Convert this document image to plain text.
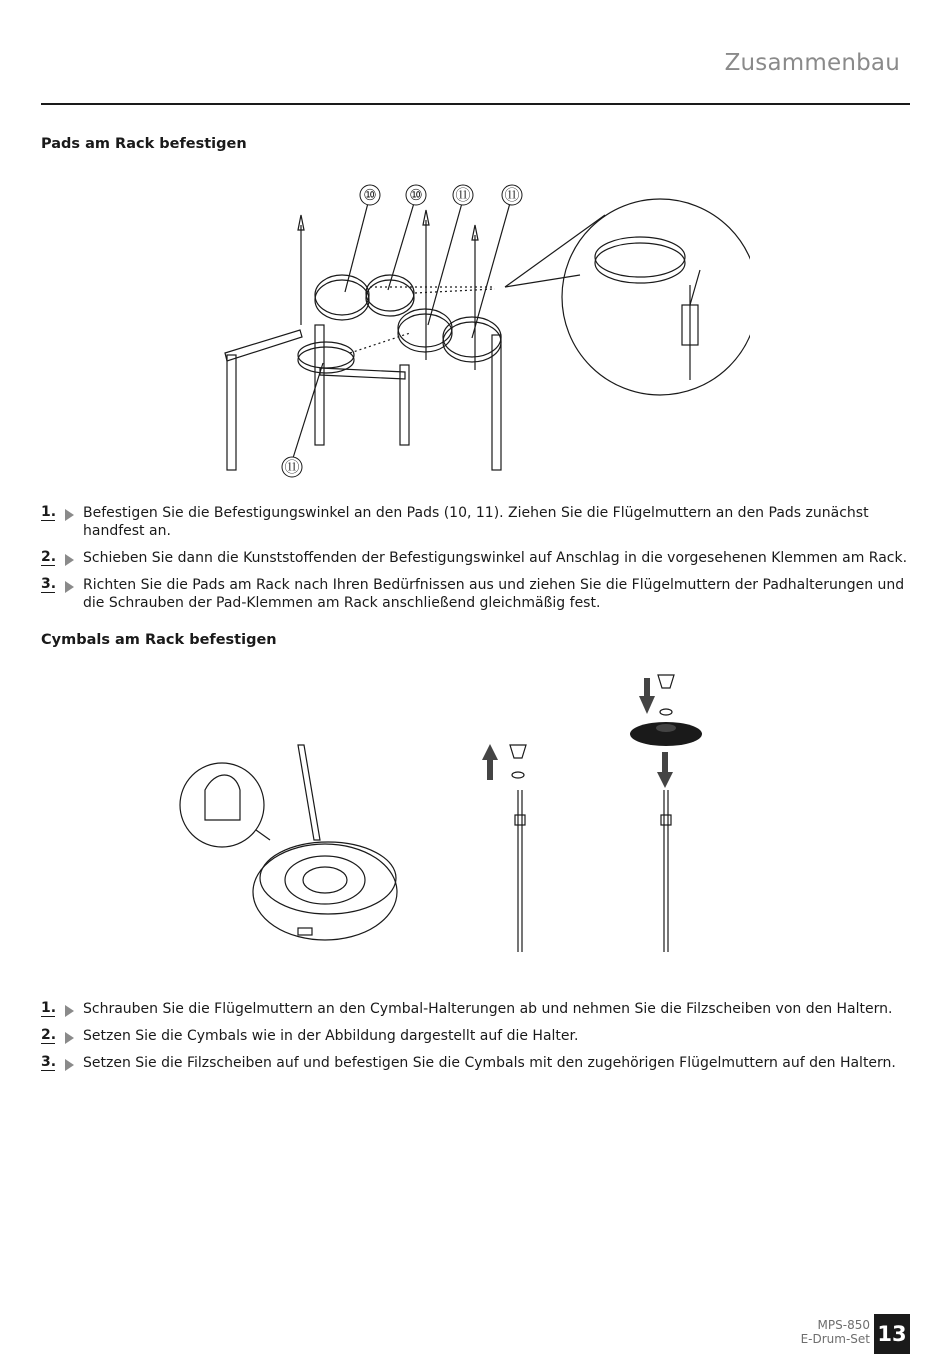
Zusammenbau
Pads am Rack befestigen
⑩ ⑩ ⑪ ⑪
⑪
1. Befestigen Sie die Befestigungswinkel an den Pads (10, 11). Ziehen Sie die Flügelmuttern an den Pads zunächst handfest an.
2. Schieben Sie dann die Kunststoffenden der Befestigungswinkel auf Anschlag in die vorgesehenen Klemmen am Rack.
3. Richten Sie die Pads am Rack nach Ihren Bedürfnissen aus und ziehen Sie die Flügelmuttern der Padhalterungen und die Schrauben der Pad-Klemmen am Rack anschließend gleichmäßig fest.
Cymbals am Rack befestigen
1. Schrauben Sie die Flügelmuttern an den Cymbal-Halterungen ab und nehmen Sie die Filzscheiben von den Haltern.
2. Setzen Sie die Cymbals wie in der Abbildung dargestellt auf die Halter.
3. Setzen Sie die Filzscheiben auf und befestigen Sie die Cymbals mit den zugehörigen Flügelmuttern auf den Haltern.
MPS-850
E-Drum-Set 13
